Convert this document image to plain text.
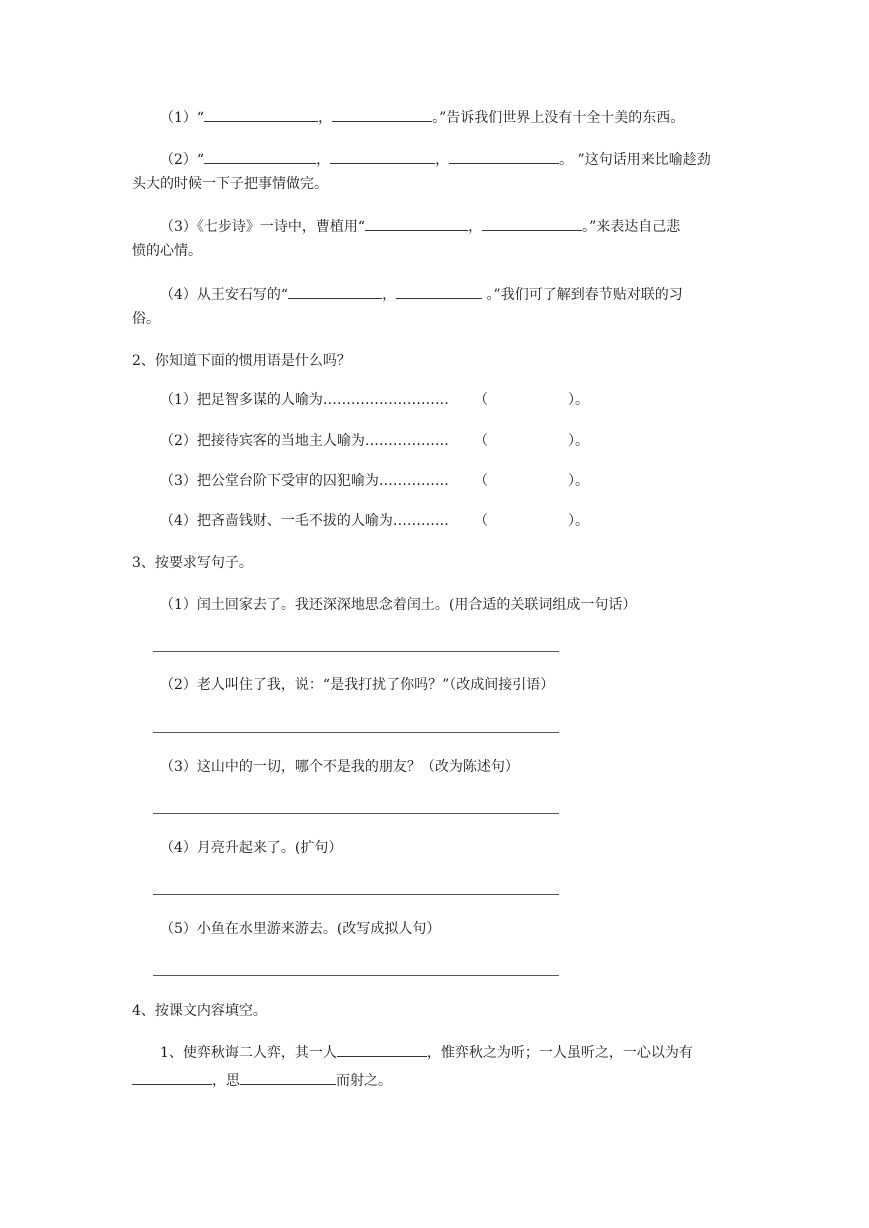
（1）“	，	。”告诉我们世界上没有十全十美的东西。
（2）“	，	，	。 ”这句话用来比喻趁劲
头大的时候一下子把事情做完。
（3）《七步诗》一诗中，曹植用“	，	。”来表达自己悲
愤的心情。
（4）从王安石写的“	，	。”我们可了解到春节贴对联的习
俗。
2、你知道下面的惯用语是什么吗？
（1）把足智多谋的人喻为……………………… （	）。
（2）把接待宾客的当地主人喻为……………… （	）。
（3）把公堂台阶下受审的囚犯喻为…………… （	）。
（4）把吝啬钱财、一毛不拔的人喻为………… （	）。
3、按要求写句子。
（1）闰土回家去了。我还深深地思念着闰土。(用合适的关联词组成一句话）
（2）老人叫住了我，说：“是我打扰了你吗？”（改成间接引语）
（3）这山中的一切，哪个不是我的朋友？（改为陈述句）
（4）月亮升起来了。(扩句）
（5）小鱼在水里游来游去。(改写成拟人句）
4、按课文内容填空。
1、使弈秋诲二人弈，其一人	，惟弈秋之为听；一人虽听之，一心以为有
，思	而射之。
